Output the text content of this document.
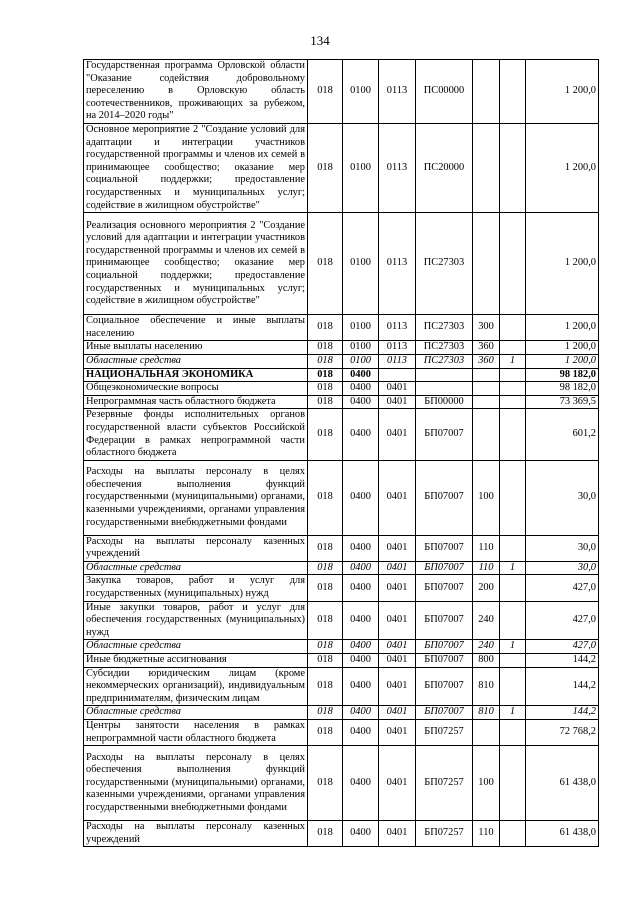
134
Государственная программа Орловской области "Оказание содействия добровольному переселению в Орловскую область соотечественников, проживающих за рубежом, на 2014–2020 годы"	018	0100	0113	ПС00000			1 200,0
Основное мероприятие 2 "Создание условий для адаптации и интеграции участников государственной программы и членов их семей в принимающее сообщество; оказание мер социальной поддержки; предоставление государственных и муниципальных услуг; содействие в жилищном обустройстве"	018	0100	0113	ПС20000			1 200,0
Реализация основного мероприятия 2 "Создание условий для адаптации и интеграции участников государственной программы и членов их семей в принимающее сообщество; оказание мер социальной поддержки; предоставление государственных и муниципальных услуг; содействие в жилищном обустройстве"	018	0100	0113	ПС27303			1 200,0
Социальное обеспечение и иные выплаты населению	018	0100	0113	ПС27303	300		1 200,0
Иные выплаты населению	018	0100	0113	ПС27303	360		1 200,0
Областные средства	018	0100	0113	ПС27303	360	1	1 200,0
НАЦИОНАЛЬНАЯ ЭКОНОМИКА	018	0400					98 182,0
Общеэкономические вопросы	018	0400	0401				98 182,0
Непрограммная часть областного бюджета	018	0400	0401	БП00000			73 369,5
Резервные фонды исполнительных органов государственной власти субъектов Российской Федерации в рамках непрограммной части областного бюджета	018	0400	0401	БП07007			601,2
Расходы на выплаты персоналу в целях обеспечения выполнения функций государственными (муниципальными) органами, казенными учреждениями, органами управления государственными внебюджетными фондами	018	0400	0401	БП07007	100		30,0
Расходы на выплаты персоналу казенных учреждений	018	0400	0401	БП07007	110		30,0
Областные средства	018	0400	0401	БП07007	110	1	30,0
Закупка товаров, работ и услуг для государственных (муниципальных) нужд	018	0400	0401	БП07007	200		427,0
Иные закупки товаров, работ и услуг для обеспечения государственных (муниципальных) нужд	018	0400	0401	БП07007	240		427,0
Областные средства	018	0400	0401	БП07007	240	1	427,0
Иные бюджетные ассигнования	018	0400	0401	БП07007	800		144,2
Субсидии юридическим лицам (кроме некоммерческих организаций), индивидуальным предпринимателям, физическим лицам	018	0400	0401	БП07007	810		144,2
Областные средства	018	0400	0401	БП07007	810	1	144,2
Центры занятости населения в рамках непрограммной части областного бюджета	018	0400	0401	БП07257			72 768,2
Расходы на выплаты персоналу в целях обеспечения выполнения функций государственными (муниципальными) органами, казенными учреждениями, органами управления государственными внебюджетными фондами	018	0400	0401	БП07257	100		61 438,0
Расходы на выплаты персоналу казенных учреждений	018	0400	0401	БП07257	110		61 438,0
